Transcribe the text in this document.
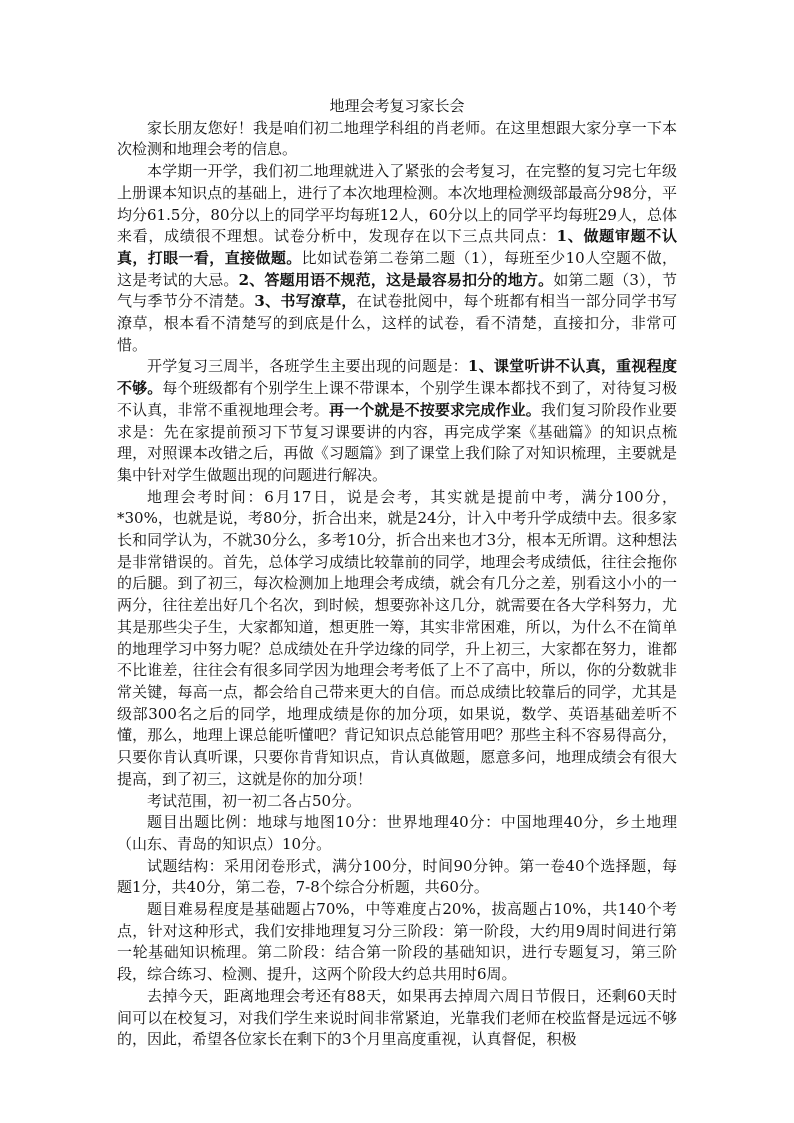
地理会考复习家长会

家长朋友您好！我是咱们初二地理学科组的肖老师。在这里想跟大家分享一下本次检测和地理会考的信息。

本学期一开学，我们初二地理就进入了紧张的会考复习，在完整的复习完七年级上册课本知识点的基础上，进行了本次地理检测。本次地理检测级部最高分98分，平均分61.5分，80分以上的同学平均每班12人，60分以上的同学平均每班29人，总体来看，成绩很不理想。试卷分析中，发现存在以下三点共同点：1、做题审题不认真，打眼一看，直接做题。比如试卷第二卷第二题（1），每班至少10人空题不做，这是考试的大忌。2、答题用语不规范，这是最容易扣分的地方。如第二题（3），节气与季节分不清楚。3、书写潦草，在试卷批阅中，每个班都有相当一部分同学书写潦草，根本看不清楚写的到底是什么，这样的试卷，看不清楚，直接扣分，非常可惜。

开学复习三周半，各班学生主要出现的问题是：1、课堂听讲不认真，重视程度不够。每个班级都有个别学生上课不带课本，个别学生课本都找不到了，对待复习极不认真，非常不重视地理会考。再一个就是不按要求完成作业。我们复习阶段作业要求是：先在家提前预习下节复习课要讲的内容，再完成学案《基础篇》的知识点梳理，对照课本改错之后，再做《习题篇》到了课堂上我们除了对知识梳理，主要就是集中针对学生做题出现的问题进行解决。

地理会考时间：6月17日，说是会考，其实就是提前中考，满分100分，*30%，也就是说，考80分，折合出来，就是24分，计入中考升学成绩中去。很多家长和同学认为，不就30分么，多考10分，折合出来也才3分，根本无所谓。这种想法是非常错误的。首先，总体学习成绩比较靠前的同学，地理会考成绩低，往往会拖你的后腿。到了初三，每次检测加上地理会考成绩，就会有几分之差，别看这小小的一两分，往往差出好几个名次，到时候，想要弥补这几分，就需要在各大学科努力，尤其是那些尖子生，大家都知道，想更胜一筹，其实非常困难，所以，为什么不在简单的地理学习中努力呢？总成绩处在升学边缘的同学，升上初三，大家都在努力，谁都不比谁差，往往会有很多同学因为地理会考考低了上不了高中，所以，你的分数就非常关键，每高一点，都会给自己带来更大的自信。而总成绩比较靠后的同学，尤其是级部300名之后的同学，地理成绩是你的加分项，如果说，数学、英语基础差听不懂，那么，地理上课总能听懂吧？背记知识点总能管用吧？那些主科不容易得高分，只要你肯认真听课，只要你肯背知识点，肯认真做题，愿意多问，地理成绩会有很大提高，到了初三，这就是你的加分项！

考试范围，初一初二各占50分。

题目出题比例：地球与地图10分：世界地理40分：中国地理40分，乡土地理（山东、青岛的知识点）10分。

试题结构：采用闭卷形式，满分100分，时间90分钟。第一卷40个选择题，每题1分，共40分，第二卷，7-8个综合分析题，共60分。

题目难易程度是基础题占70%，中等难度占20%，拔高题占10%，共140个考点，针对这种形式，我们安排地理复习分三阶段：第一阶段，大约用9周时间进行第一轮基础知识梳理。第二阶段：结合第一阶段的基础知识，进行专题复习，第三阶段，综合练习、检测、提升，这两个阶段大约总共用时6周。

去掉今天，距离地理会考还有88天，如果再去掉周六周日节假日，还剩60天时间可以在校复习，对我们学生来说时间非常紧迫，光靠我们老师在校监督是远远不够的，因此，希望各位家长在剩下的3个月里高度重视，认真督促，积极
